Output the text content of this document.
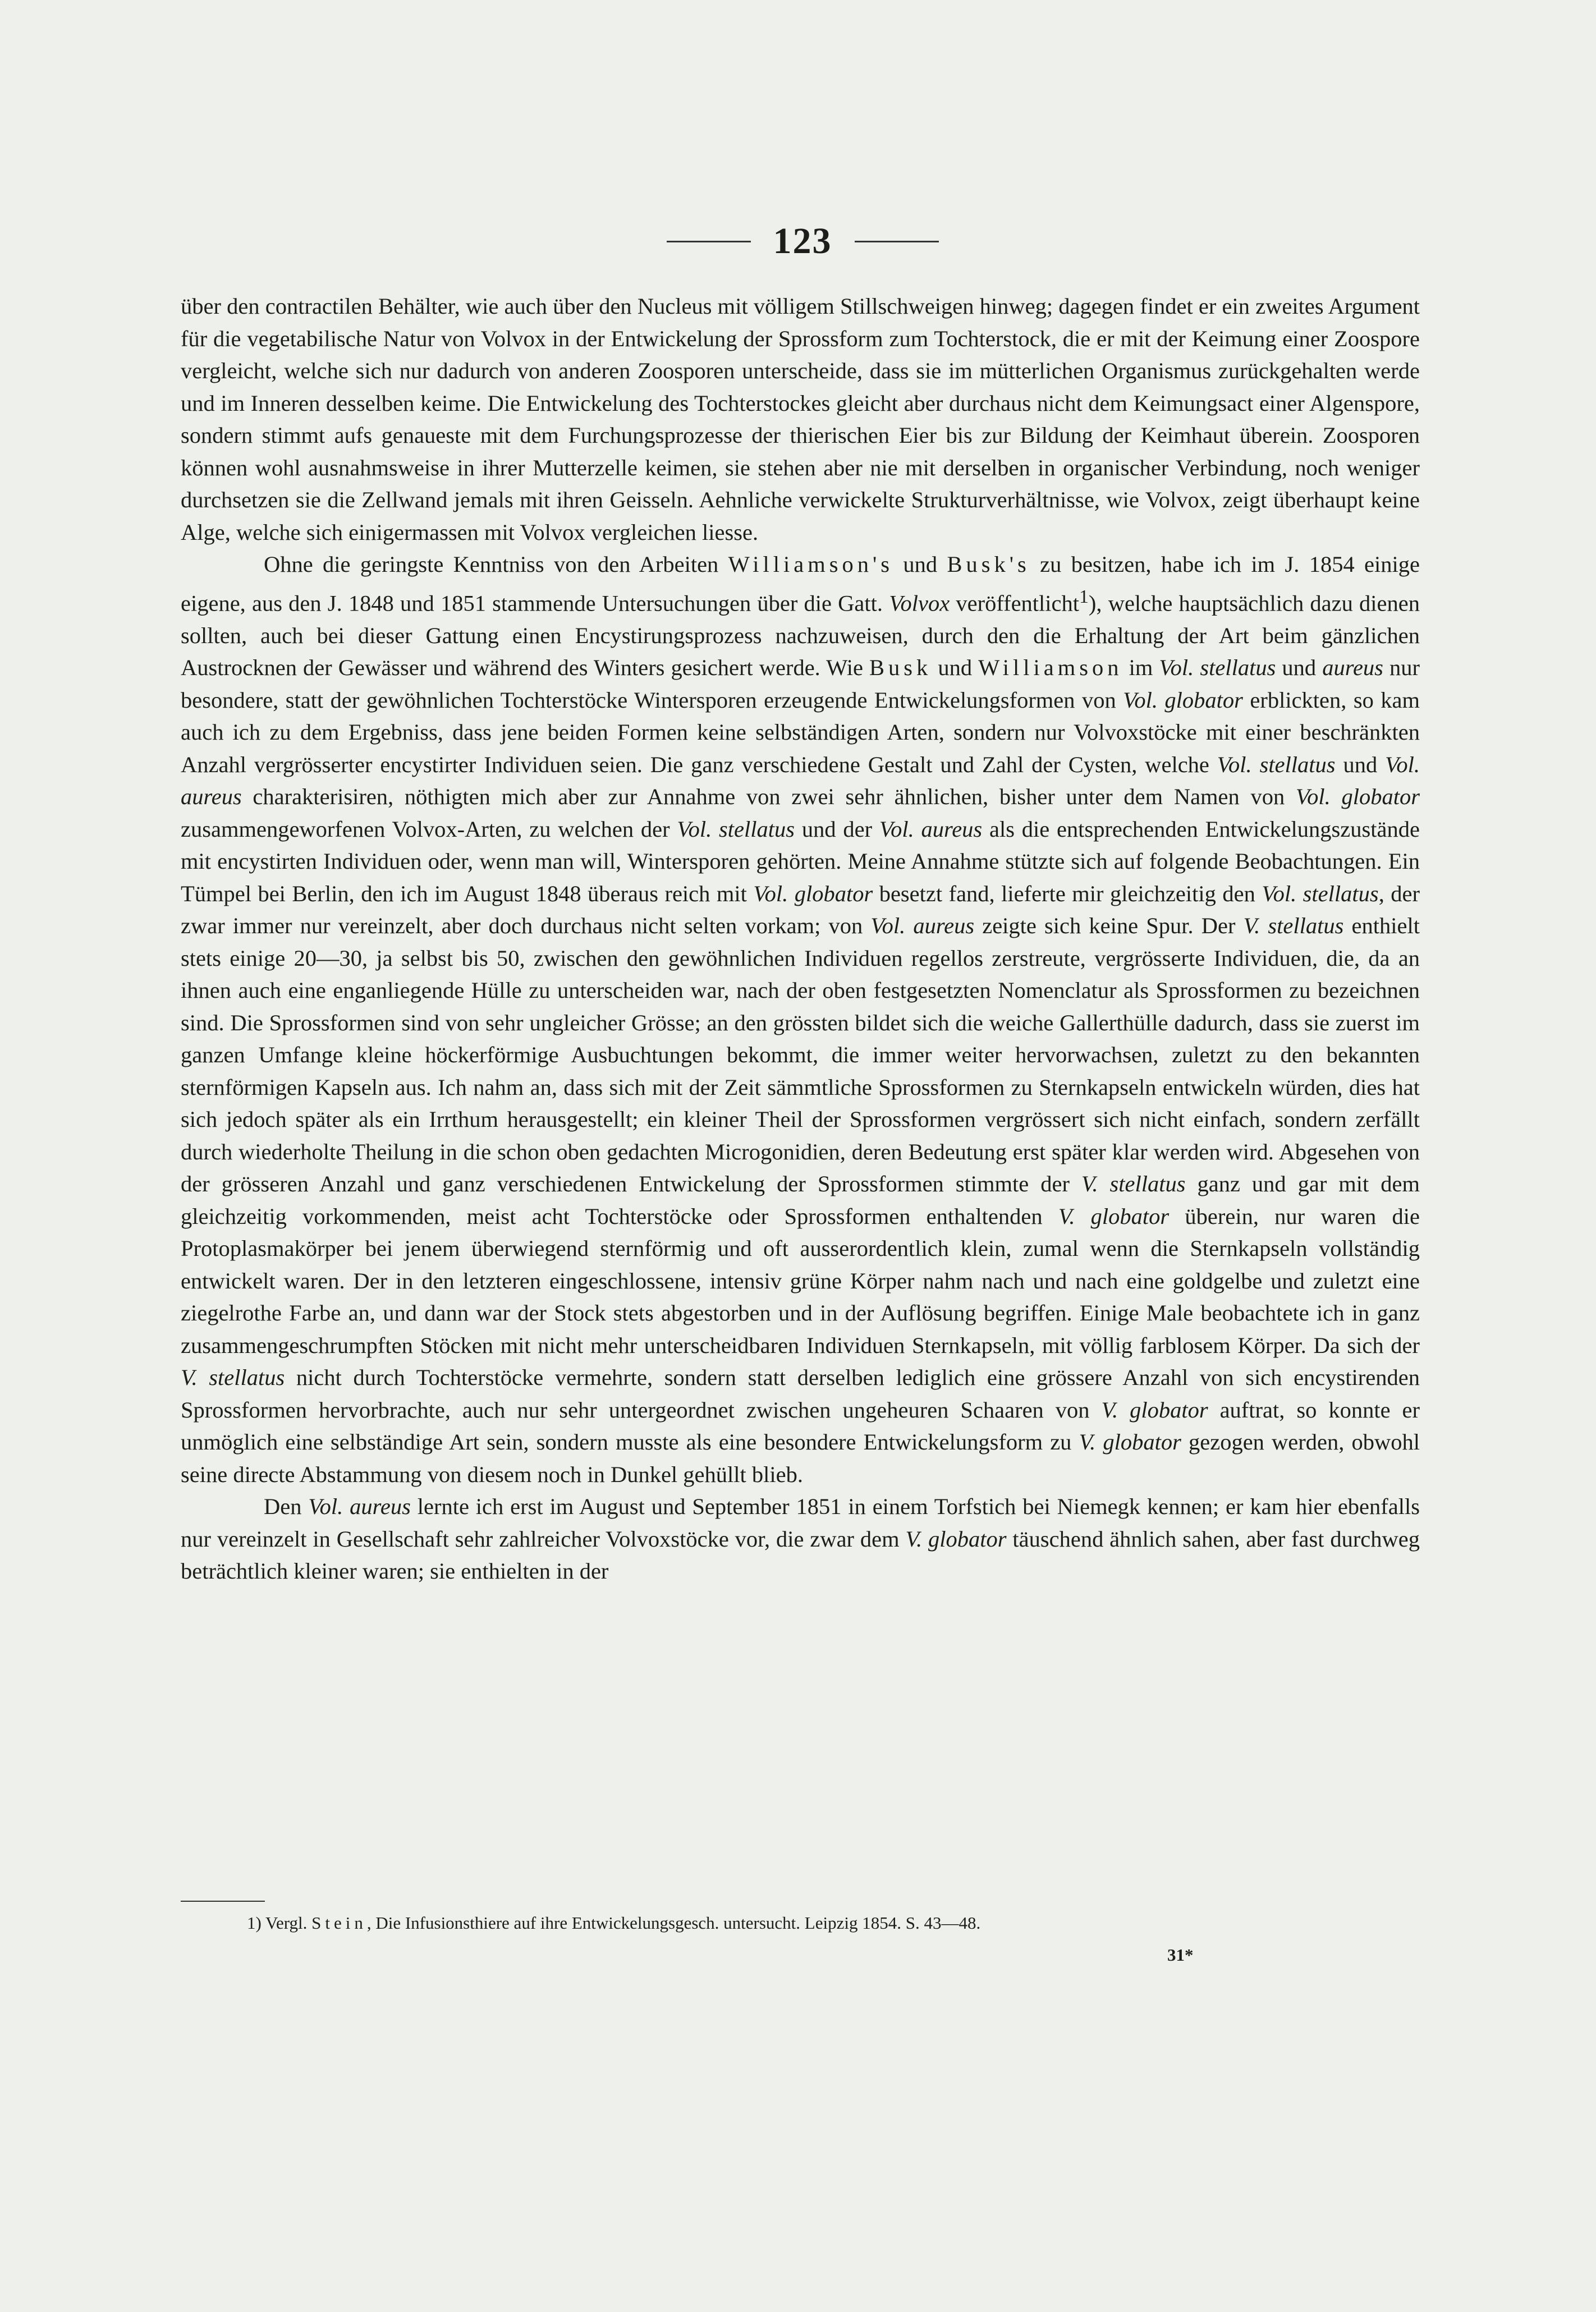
123

über den contractilen Behälter, wie auch über den Nucleus mit völligem Stillschweigen hinweg; dagegen findet er ein zweites Argument für die vegetabilische Natur von Volvox in der Entwickelung der Sprossform zum Tochterstock, die er mit der Keimung einer Zoospore vergleicht, welche sich nur dadurch von anderen Zoosporen unterscheide, dass sie im mütterlichen Organismus zurückgehalten werde und im Inneren desselben keime. Die Entwickelung des Tochterstockes gleicht aber durchaus nicht dem Keimungsact einer Algenspore, sondern stimmt aufs genaueste mit dem Furchungsprozesse der thierischen Eier bis zur Bildung der Keimhaut überein. Zoosporen können wohl ausnahmsweise in ihrer Mutterzelle keimen, sie stehen aber nie mit derselben in organischer Verbindung, noch weniger durchsetzen sie die Zellwand jemals mit ihren Geisseln. Aehnliche verwickelte Strukturverhältnisse, wie Volvox, zeigt überhaupt keine Alge, welche sich einigermassen mit Volvox vergleichen liesse.

Ohne die geringste Kenntniss von den Arbeiten Williamson's und Busk's zu besitzen, habe ich im J. 1854 einige eigene, aus den J. 1848 und 1851 stammende Untersuchungen über die Gatt. Volvox veröffentlicht$^1$), welche hauptsächlich dazu dienen sollten, auch bei dieser Gattung einen Encystirungsprozess nachzuweisen, durch den die Erhaltung der Art beim gänzlichen Austrocknen der Gewässer und während des Winters gesichert werde. Wie Busk und Williamson im Vol. stellatus und aureus nur besondere, statt der gewöhnlichen Tochterstöcke Wintersporen erzeugende Entwickelungsformen von Vol. globator erblickten, so kam auch ich zu dem Ergebniss, dass jene beiden Formen keine selbständigen Arten, sondern nur Volvoxstöcke mit einer beschränkten Anzahl vergrösserter encystirter Individuen seien. Die ganz verschiedene Gestalt und Zahl der Cysten, welche Vol. stellatus und Vol. aureus charakterisiren, nöthigten mich aber zur Annahme von zwei sehr ähnlichen, bisher unter dem Namen von Vol. globator zusammengeworfenen Volvox-Arten, zu welchen der Vol. stellatus und der Vol. aureus als die entsprechenden Entwickelungszustände mit encystirten Individuen oder, wenn man will, Wintersporen gehörten. Meine Annahme stützte sich auf folgende Beobachtungen. Ein Tümpel bei Berlin, den ich im August 1848 überaus reich mit Vol. globator besetzt fand, lieferte mir gleichzeitig den Vol. stellatus, der zwar immer nur vereinzelt, aber doch durchaus nicht selten vorkam; von Vol. aureus zeigte sich keine Spur. Der V. stellatus enthielt stets einige 20—30, ja selbst bis 50, zwischen den gewöhnlichen Individuen regellos zerstreute, vergrösserte Individuen, die, da an ihnen auch eine enganliegende Hülle zu unterscheiden war, nach der oben festgesetzten Nomenclatur als Sprossformen zu bezeichnen sind. Die Sprossformen sind von sehr ungleicher Grösse; an den grössten bildet sich die weiche Gallerthülle dadurch, dass sie zuerst im ganzen Umfange kleine höckerförmige Ausbuchtungen bekommt, die immer weiter hervorwachsen, zuletzt zu den bekannten sternförmigen Kapseln aus. Ich nahm an, dass sich mit der Zeit sämmtliche Sprossformen zu Sternkapseln entwickeln würden, dies hat sich jedoch später als ein Irrthum herausgestellt; ein kleiner Theil der Sprossformen vergrössert sich nicht einfach, sondern zerfällt durch wiederholte Theilung in die schon oben gedachten Microgonidien, deren Bedeutung erst später klar werden wird. Abgesehen von der grösseren Anzahl und ganz verschiedenen Entwickelung der Sprossformen stimmte der V. stellatus ganz und gar mit dem gleichzeitig vorkommenden, meist acht Tochterstöcke oder Sprossformen enthaltenden V. globator überein, nur waren die Protoplasmakörper bei jenem überwiegend sternförmig und oft ausserordentlich klein, zumal wenn die Sternkapseln vollständig entwickelt waren. Der in den letzteren eingeschlossene, intensiv grüne Körper nahm nach und nach eine goldgelbe und zuletzt eine ziegelrothe Farbe an, und dann war der Stock stets abgestorben und in der Auflösung begriffen. Einige Male beobachtete ich in ganz zusammengeschrumpften Stöcken mit nicht mehr unterscheidbaren Individuen Sternkapseln, mit völlig farblosem Körper. Da sich der V. stellatus nicht durch Tochterstöcke vermehrte, sondern statt derselben lediglich eine grössere Anzahl von sich encystirenden Sprossformen hervorbrachte, auch nur sehr untergeordnet zwischen ungeheuren Schaaren von V. globator auftrat, so konnte er unmöglich eine selbständige Art sein, sondern musste als eine besondere Entwickelungsform zu V. globator gezogen werden, obwohl seine directe Abstammung von diesem noch in Dunkel gehüllt blieb.

Den Vol. aureus lernte ich erst im August und September 1851 in einem Torfstich bei Niemegk kennen; er kam hier ebenfalls nur vereinzelt in Gesellschaft sehr zahlreicher Volvoxstöcke vor, die zwar dem V. globator täuschend ähnlich sahen, aber fast durchweg beträchtlich kleiner waren; sie enthielten in der

1) Vergl. Stein, Die Infusionsthiere auf ihre Entwickelungsgesch. untersucht. Leipzig 1854. S. 43—48.
31*
